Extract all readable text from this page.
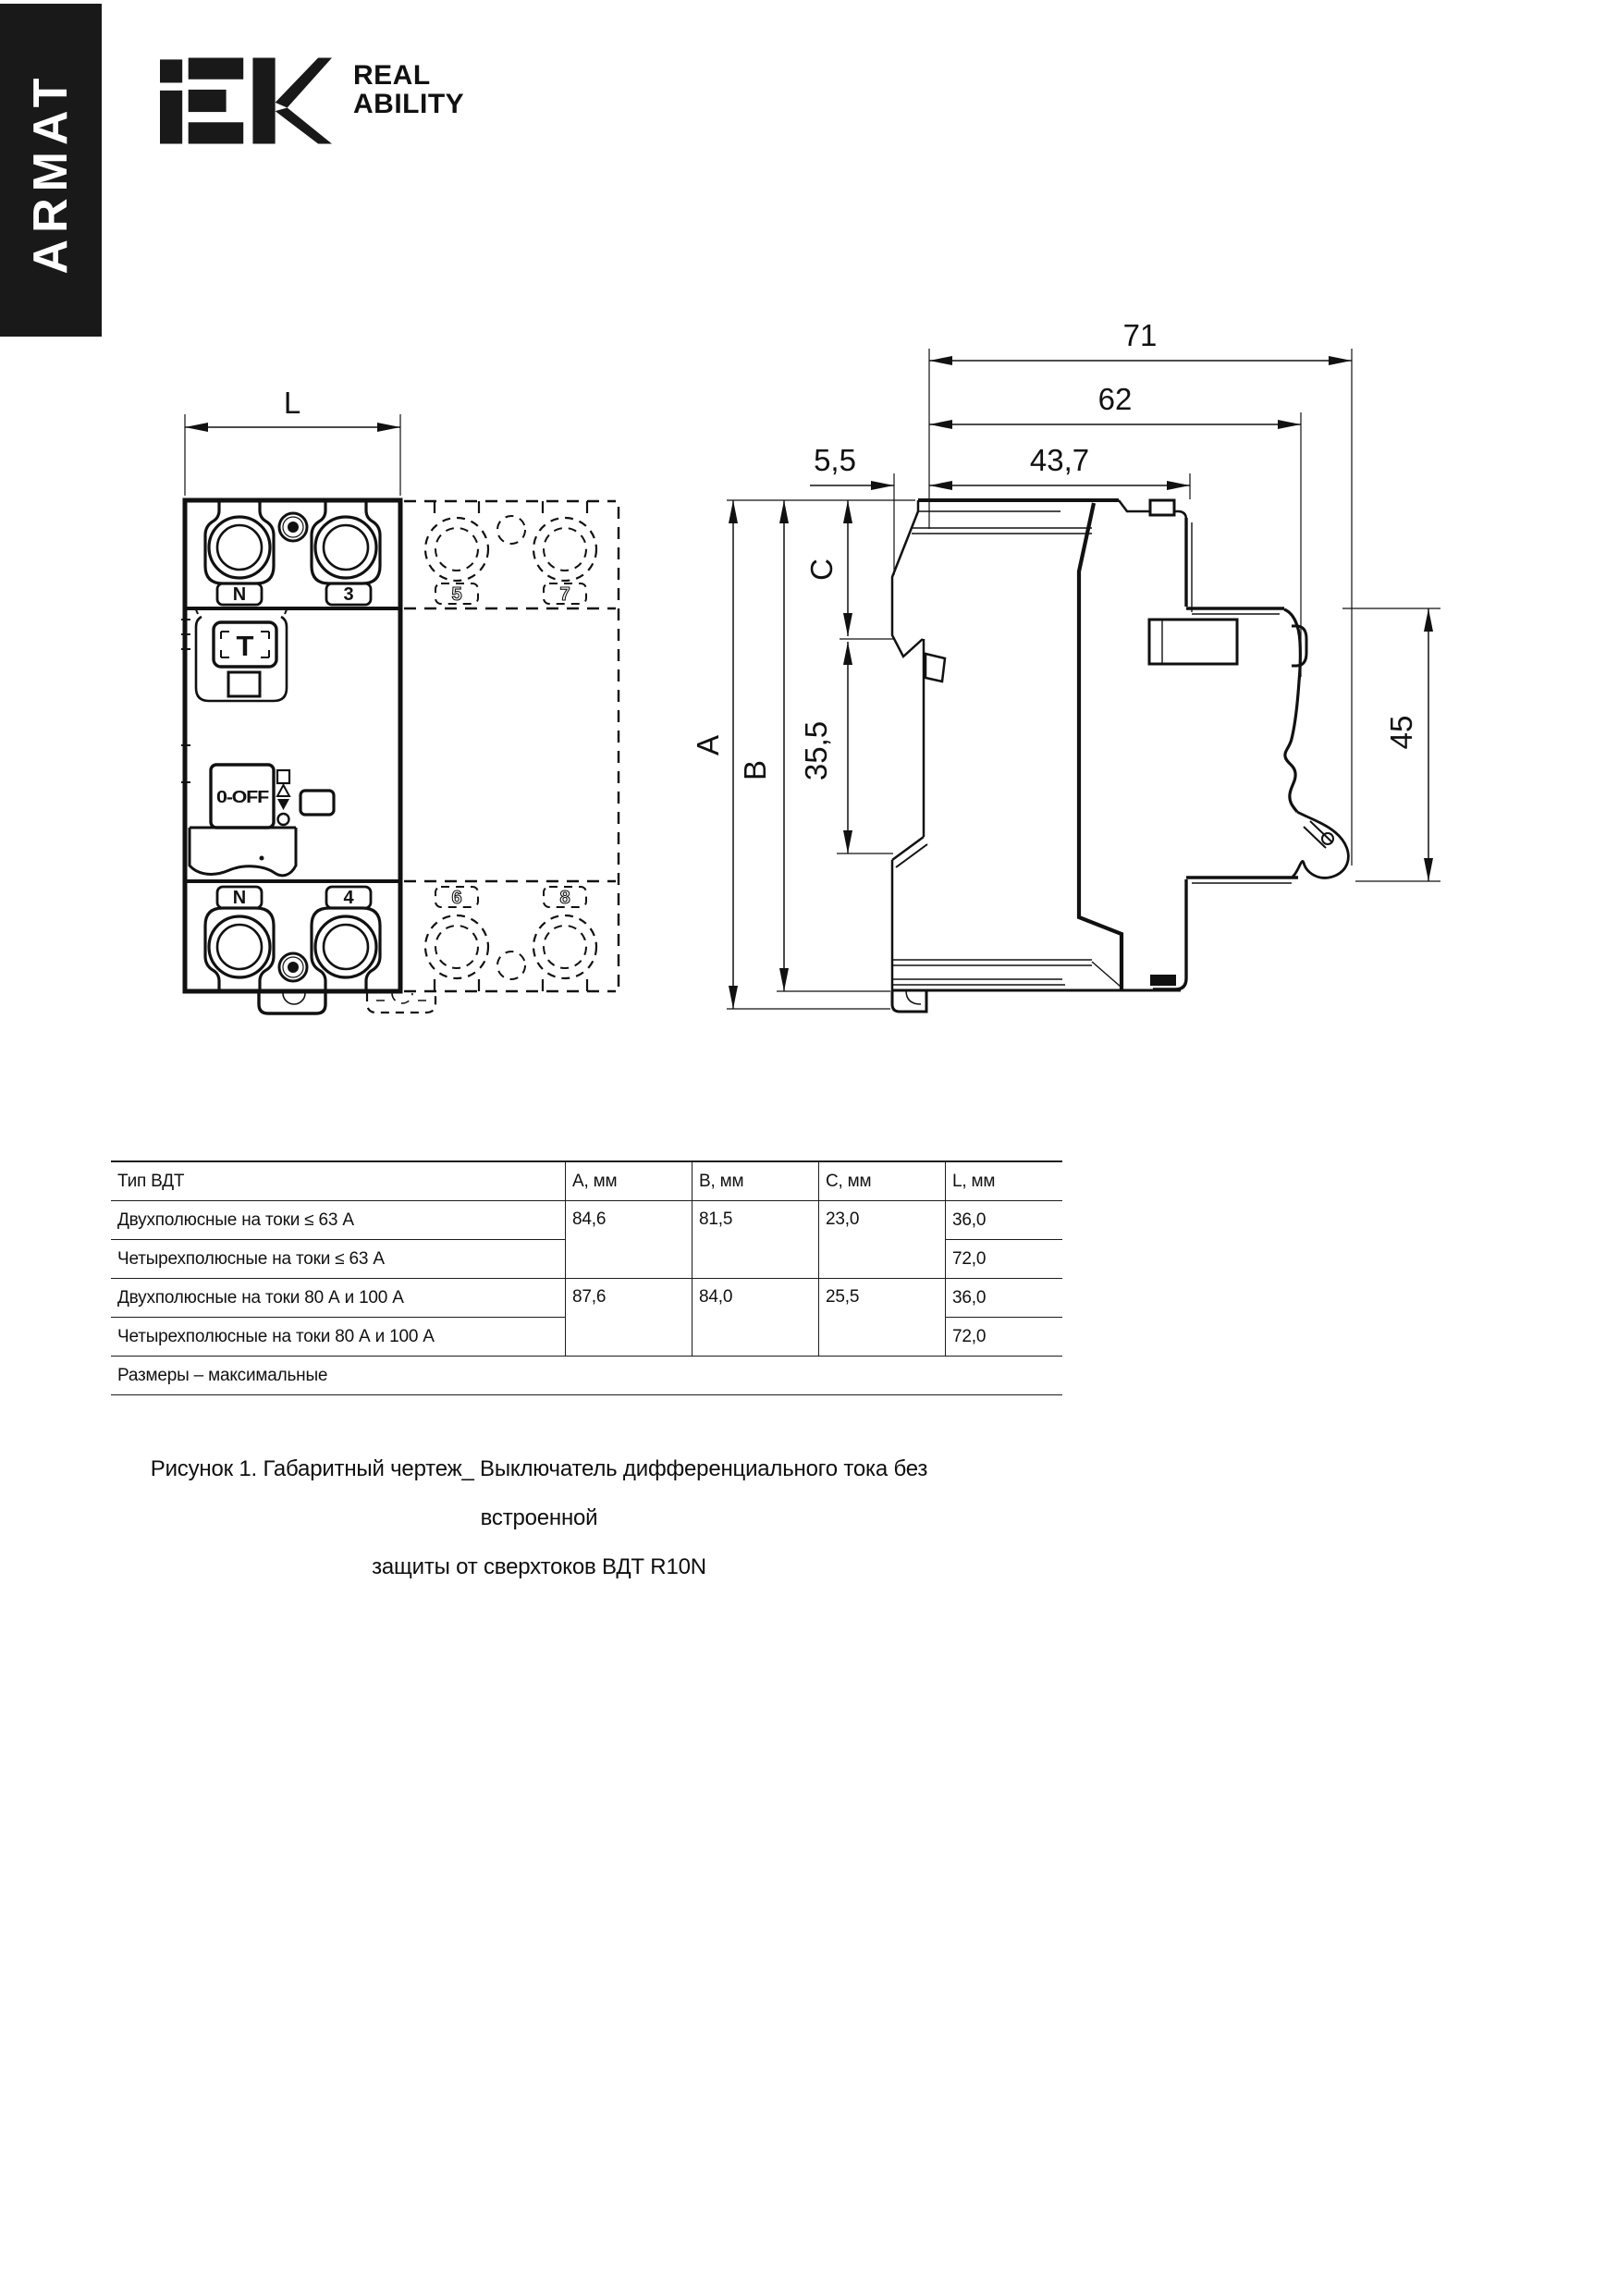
ARMAT	REAL
ABILITY
L
N	3
T
0-OFF
N	4
5	7
6	8
71
62
43,7
5,5
A
B
C
35,5	45
Тип ВДТ	A, мм	B, мм	C, мм	L, мм
Двухполюсные на токи ≤ 63 А	84,6	81,5	23,0	36,0
Четырехполюсные на токи ≤ 63 А				72,0
Двухполюсные на токи 80 А и 100 А	87,6	84,0	25,5	36,0
Четырехполюсные на токи 80 А и 100 А				72,0
Размеры – максимальные				
Рисунок 1. Габаритный чертеж_ Выключатель дифференциального тока без встроенной
защиты от сверхтоков ВДТ R10N
